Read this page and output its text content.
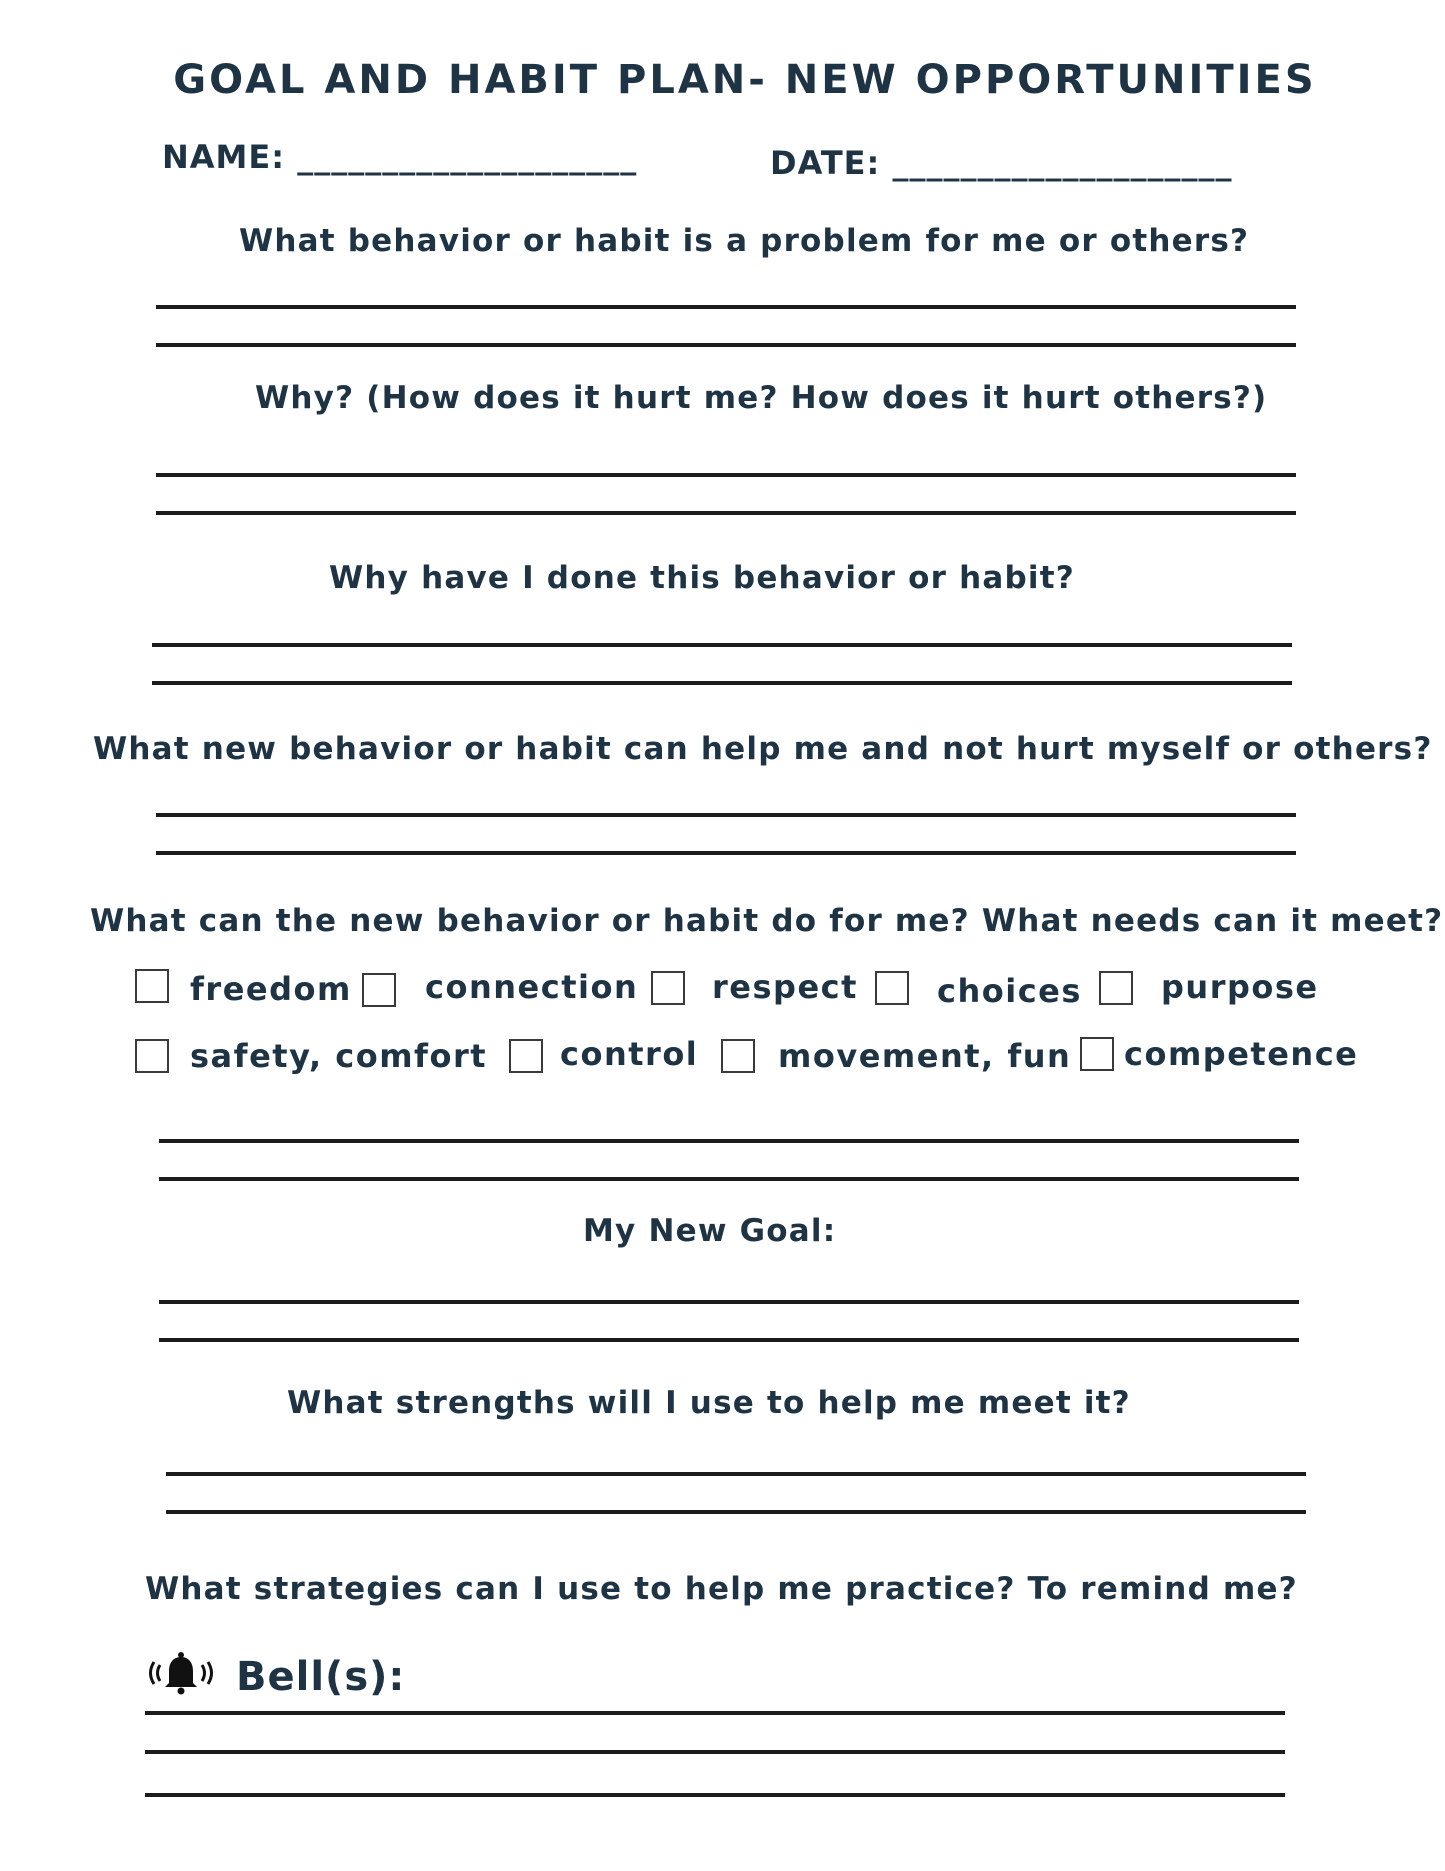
GOAL AND HABIT PLAN- NEW OPPORTUNITIES
NAME: ____________________	DATE: ____________________
What behavior or habit is a problem for me or others?
Why? (How does it hurt me? How does it hurt others?)
Why have I done this behavior or habit?
What new behavior or habit can help me and not hurt myself or others?
What can the new behavior or habit do for me? What needs can it meet?
freedom connection respect choices purpose
safety, comfort control movement, fun competence
My New Goal:
What strengths will I use to help me meet it?
What strategies can I use to help me practice? To remind me?
Bell(s):
